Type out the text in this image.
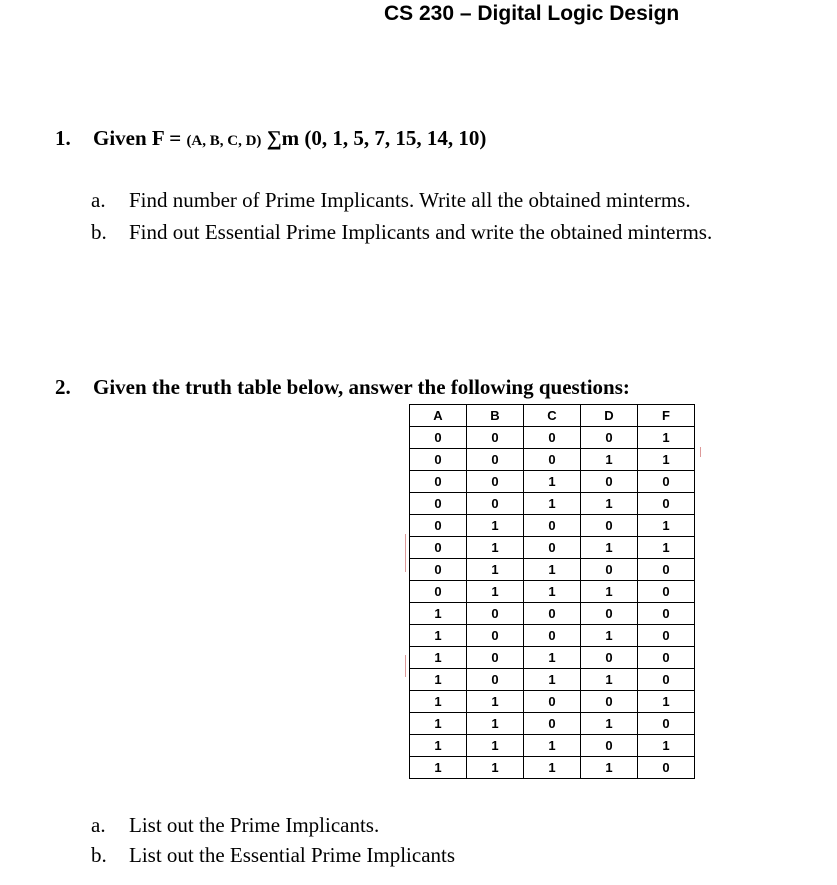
CS 230 – Digital Logic Design
1. Given F = (A, B, C, D) ∑m (0, 1, 5, 7, 15, 14, 10)
a. Find number of Prime Implicants. Write all the obtained minterms.
b. Find out Essential Prime Implicants and write the obtained minterms.
2. Given the truth table below, answer the following questions:
A	B	C	D	F
0	0	0	0	1
0	0	0	1	1
0	0	1	0	0
0	0	1	1	0
0	1	0	0	1
0	1	0	1	1
0	1	1	0	0
0	1	1	1	0
1	0	0	0	0
1	0	0	1	0
1	0	1	0	0
1	0	1	1	0
1	1	0	0	1
1	1	0	1	0
1	1	1	0	1
1	1	1	1	0
a. List out the Prime Implicants.
b. List out the Essential Prime Implicants
